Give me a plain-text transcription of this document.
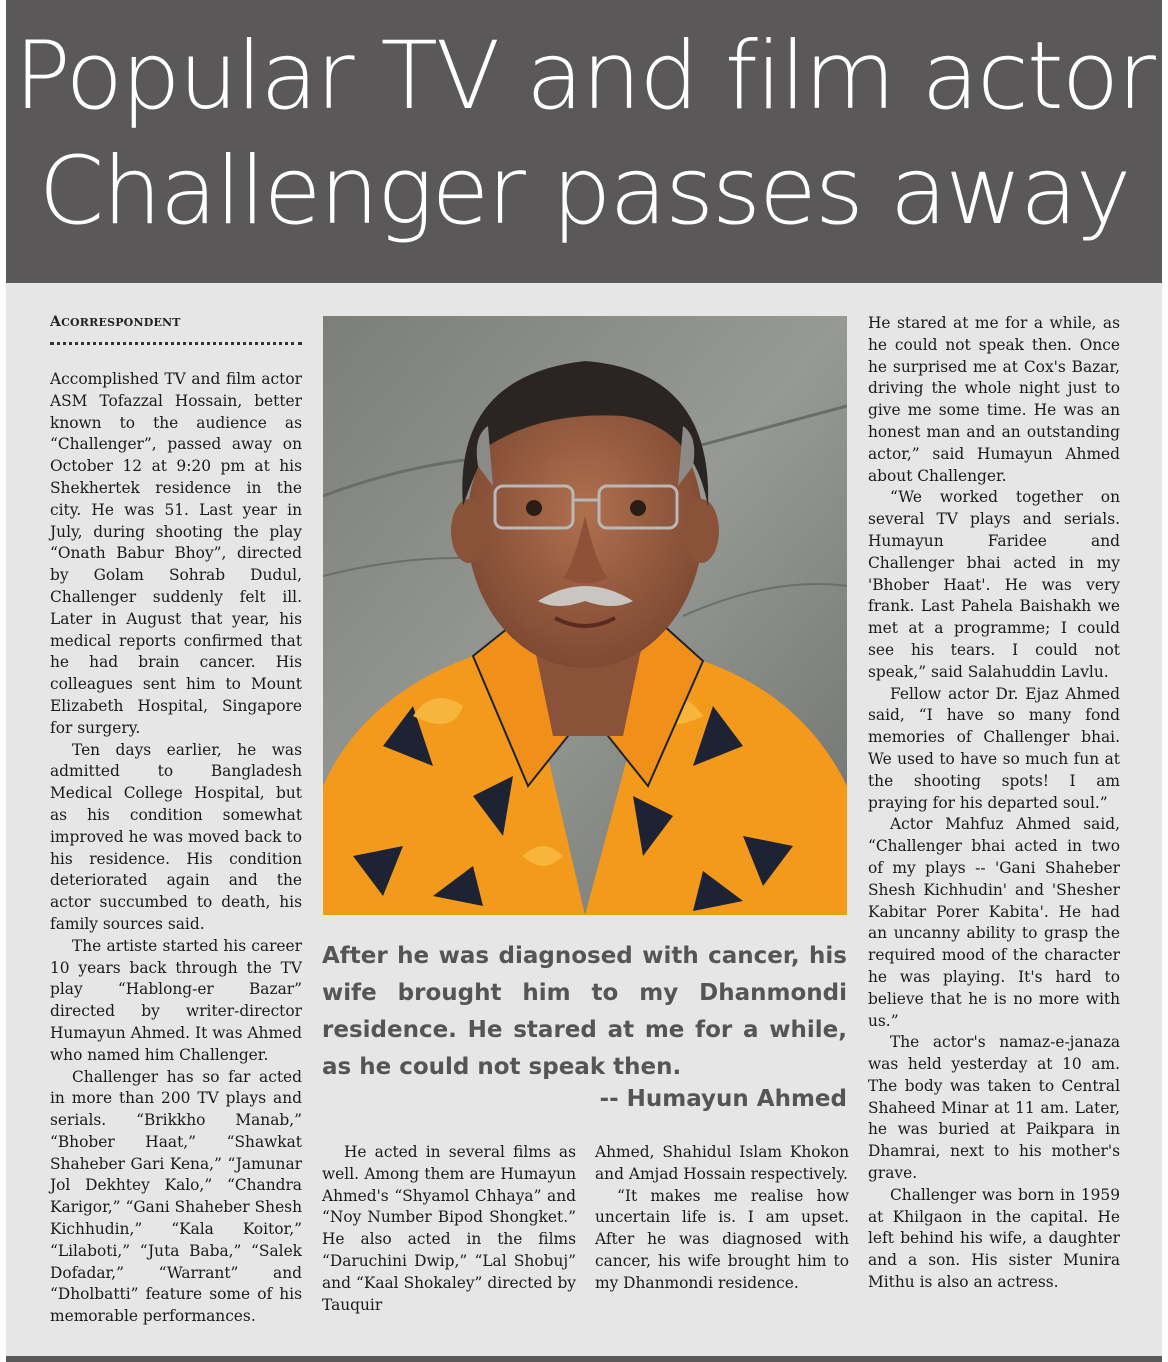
Popular TV and film actor
Challenger passes away
ACORRESPONDENT

Accomplished TV and film actor ASM Tofazzal Hossain, better known to the audience as “Challenger”, passed away on October 12 at 9:20 pm at his Shekhertek residence in the city. He was 51. Last year in July, during shooting the play “Onath Babur Bhoy”, directed by Golam Sohrab Dudul, Challenger suddenly felt ill. Later in August that year, his medical reports confirmed that he had brain cancer. His colleagues sent him to Mount Elizabeth Hospital, Singapore for surgery.

Ten days earlier, he was admitted to Bangladesh Medical College Hospital, but as his condition somewhat improved he was moved back to his residence. His condition deteriorated again and the actor succumbed to death, his family sources said.

The artiste started his career 10 years back through the TV play “Hablong-er Bazar” directed by writer-director Humayun Ahmed. It was Ahmed who named him Challenger.

Challenger has so far acted in more than 200 TV plays and serials. “Brikkho Manab,” “Bhober Haat,” “Shawkat Shaheber Gari Kena,” “Jamunar Jol Dekhtey Kalo,” “Chandra Karigor,” “Gani Shaheber Shesh Kichhudin,” “Kala Koitor,” “Lilaboti,” “Juta Baba,” “Salek Dofadar,” “Warrant” and “Dholbatti” feature some of his memorable performances.

After he was diagnosed with cancer, his wife brought him to my Dhanmondi residence. He stared at me for a while, as he could not speak then.
-- Humayun Ahmed

He acted in several films as well. Among them are Humayun Ahmed's “Shyamol Chhaya” and “Noy Number Bipod Shongket.” He also acted in the films “Daruchini Dwip,” “Lal Shobuj” and “Kaal Shokaley” directed by Tauquir

Ahmed, Shahidul Islam Khokon and Amjad Hossain respectively.

“It makes me realise how uncertain life is. I am upset. After he was diagnosed with cancer, his wife brought him to my Dhanmondi residence.

He stared at me for a while, as he could not speak then. Once he surprised me at Cox's Bazar, driving the whole night just to give me some time. He was an honest man and an outstanding actor,” said Humayun Ahmed about Challenger.

“We worked together on several TV plays and serials. Humayun Faridee and Challenger bhai acted in my 'Bhober Haat'. He was very frank. Last Pahela Baishakh we met at a programme; I could see his tears. I could not speak,” said Salahuddin Lavlu.

Fellow actor Dr. Ejaz Ahmed said, “I have so many fond memories of Challenger bhai. We used to have so much fun at the shooting spots! I am praying for his departed soul.”

Actor Mahfuz Ahmed said, “Challenger bhai acted in two of my plays -- 'Gani Shaheber Shesh Kichhudin' and 'Shesher Kabitar Porer Kabita'. He had an uncanny ability to grasp the required mood of the character he was playing. It's hard to believe that he is no more with us.”

The actor's namaz-e-janaza was held yesterday at 10 am. The body was taken to Central Shaheed Minar at 11 am. Later, he was buried at Paikpara in Dhamrai, next to his mother's grave.

Challenger was born in 1959 at Khilgaon in the capital. He left behind his wife, a daughter and a son. His sister Munira Mithu is also an actress.
